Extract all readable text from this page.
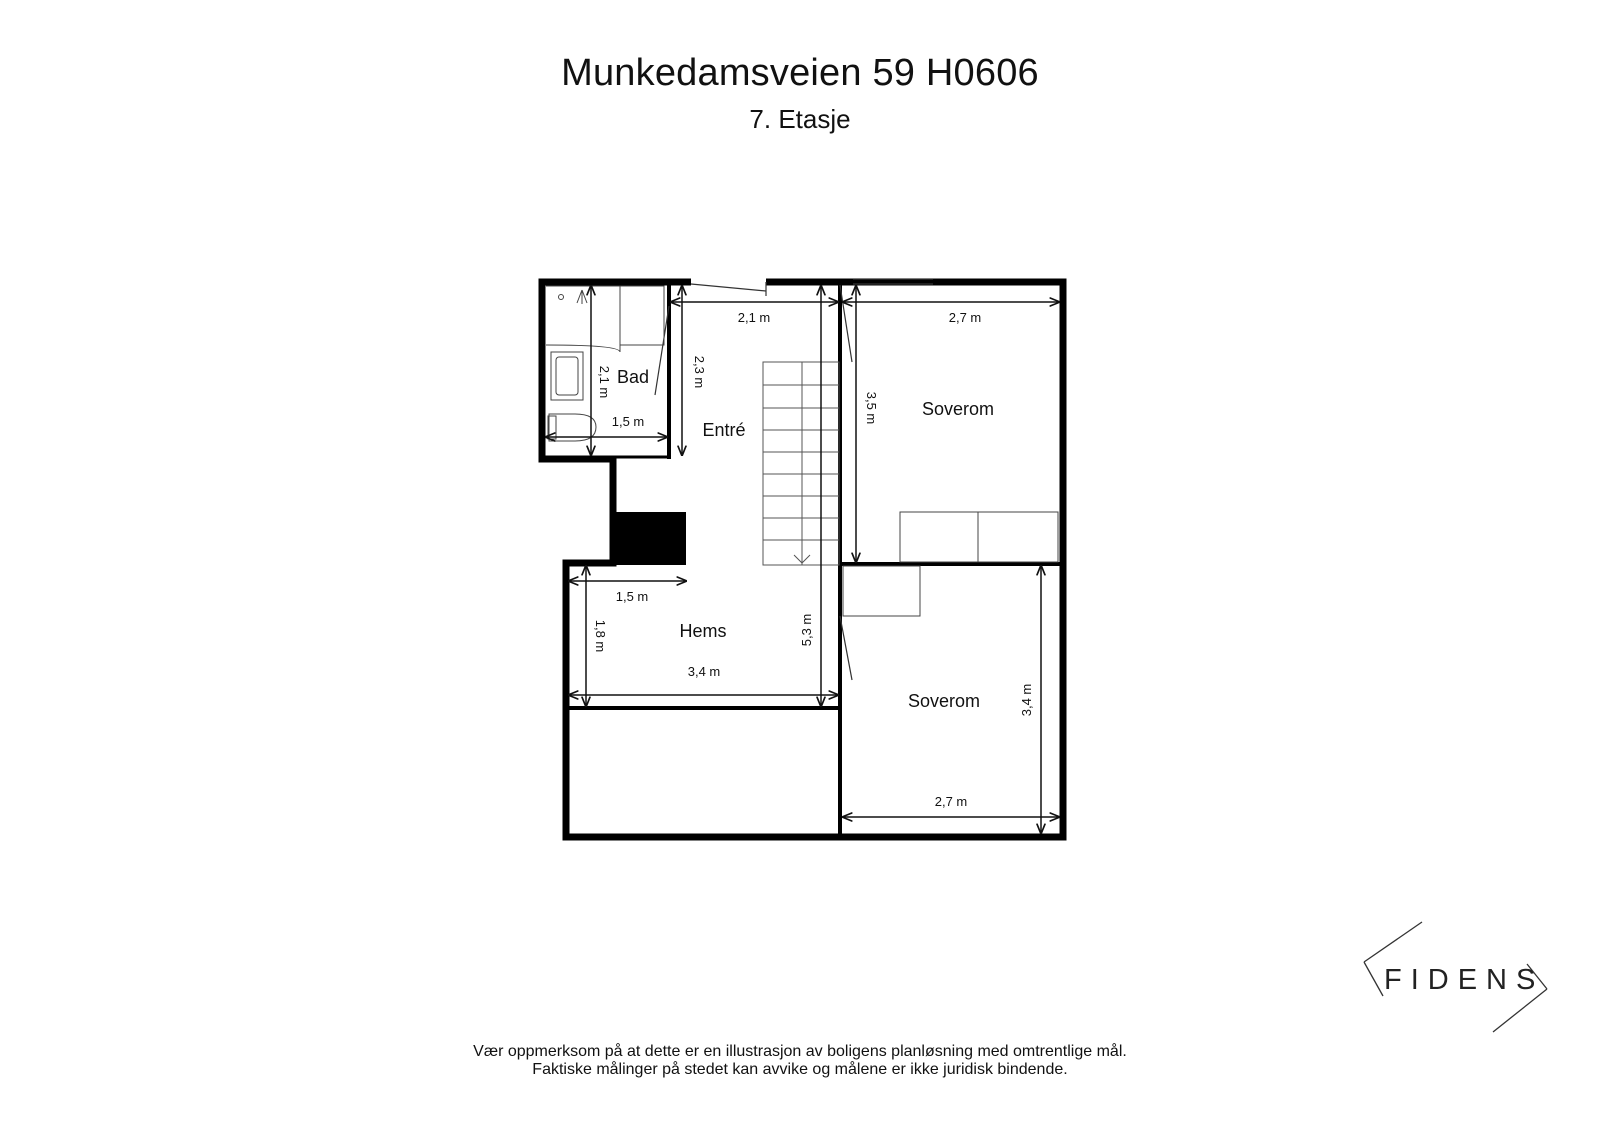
Munkedamsveien 59 H0606
7. Etasje
2,1 m
2,3 m
2,1 m
1,5 m
2,7 m
3,5 m
5,3 m
1,5 m
1,8 m
3,4 m
3,4 m
2,7 m
Bad
Entré
Soverom
Hems
Soverom
FIDENS
Vær oppmerksom på at dette er en illustrasjon av boligens planløsning med omtrentlige mål.
Faktiske målinger på stedet kan avvike og målene er ikke juridisk bindende.
